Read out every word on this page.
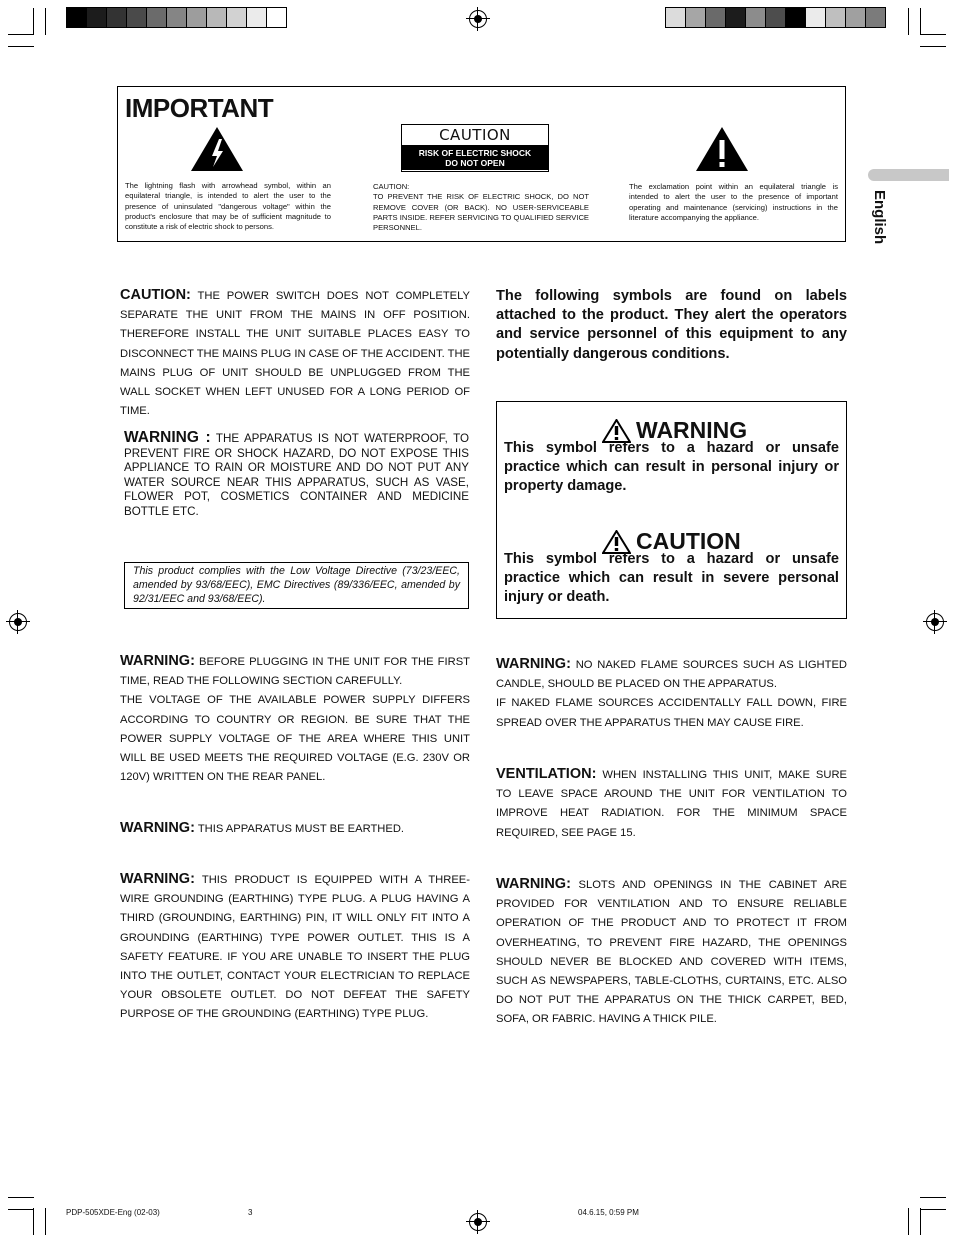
IMPORTANT
The lightning flash with arrowhead symbol, within an equilateral triangle, is intended to alert the user to the presence of uninsulated "dangerous voltage" within the product's enclosure that may be of sufficient magnitude to constitute a risk of electric shock to persons.
CAUTION
RISK OF ELECTRIC SHOCK
DO NOT OPEN
CAUTION:
TO PREVENT THE RISK OF ELECTRIC SHOCK, DO NOT REMOVE COVER (OR BACK). NO USER-SERVICEABLE PARTS INSIDE. REFER SERVICING TO QUALIFIED SERVICE PERSONNEL.
The exclamation point within an equilateral triangle is intended to alert the user to the presence of important operating and maintenance (servicing) instructions in the literature accompanying the appliance.	English

CAUTION: THE POWER SWITCH DOES NOT COMPLETELY SEPARATE THE UNIT FROM THE MAINS IN OFF POSITION. THEREFORE INSTALL THE UNIT SUITABLE PLACES EASY TO DISCONNECT THE MAINS PLUG IN CASE OF THE ACCIDENT. THE MAINS PLUG OF UNIT SHOULD BE UNPLUGGED FROM THE WALL SOCKET WHEN LEFT UNUSED FOR A LONG PERIOD OF TIME.

WARNING : THE APPARATUS IS NOT WATERPROOF, TO PREVENT FIRE OR SHOCK HAZARD, DO NOT EXPOSE THIS APPLIANCE TO RAIN OR MOISTURE AND DO NOT PUT ANY WATER SOURCE NEAR THIS APPARATUS, SUCH AS VASE, FLOWER POT, COSMETICS CONTAINER AND MEDICINE BOTTLE ETC.

This product complies with the Low Voltage Directive (73/23/EEC, amended by 93/68/EEC), EMC Directives (89/336/EEC, amended by 92/31/EEC and 93/68/EEC).

WARNING: BEFORE PLUGGING IN THE UNIT FOR THE FIRST TIME, READ THE FOLLOWING SECTION CAREFULLY.

THE VOLTAGE OF THE AVAILABLE POWER SUPPLY DIFFERS ACCORDING TO COUNTRY OR REGION. BE SURE THAT THE POWER SUPPLY VOLTAGE OF THE AREA WHERE THIS UNIT WILL BE USED MEETS THE REQUIRED VOLTAGE (E.G. 230V OR 120V) WRITTEN ON THE REAR PANEL.

WARNING: THIS APPARATUS MUST BE EARTHED.

WARNING: THIS PRODUCT IS EQUIPPED WITH A THREE-WIRE GROUNDING (EARTHING) TYPE PLUG. A PLUG HAVING A THIRD (GROUNDING, EARTHING) PIN, IT WILL ONLY FIT INTO A GROUNDING (EARTHING) TYPE POWER OUTLET. THIS IS A SAFETY FEATURE. IF YOU ARE UNABLE TO INSERT THE PLUG INTO THE OUTLET, CONTACT YOUR ELECTRICIAN TO REPLACE YOUR OBSOLETE OUTLET. DO NOT DEFEAT THE SAFETY PURPOSE OF THE GROUNDING (EARTHING) TYPE PLUG.

The following symbols are found on labels attached to the product. They alert the operators and service personnel of this equipment to any potentially dangerous conditions.

WARNING

This symbol refers to a hazard or unsafe practice which can result in personal injury or property damage.

CAUTION

This symbol refers to a hazard or unsafe practice which can result in severe personal injury or death.

WARNING: NO NAKED FLAME SOURCES SUCH AS LIGHTED CANDLE, SHOULD BE PLACED ON THE APPARATUS.

IF NAKED FLAME SOURCES ACCIDENTALLY FALL DOWN, FIRE SPREAD OVER THE APPARATUS THEN MAY CAUSE FIRE.

VENTILATION: WHEN INSTALLING THIS UNIT, MAKE SURE TO LEAVE SPACE AROUND THE UNIT FOR VENTILATION TO IMPROVE HEAT RADIATION. FOR THE MINIMUM SPACE REQUIRED, SEE PAGE 15.

WARNING: SLOTS AND OPENINGS IN THE CABINET ARE PROVIDED FOR VENTILATION AND TO ENSURE RELIABLE OPERATION OF THE PRODUCT AND TO PROTECT IT FROM OVERHEATING, TO PREVENT FIRE HAZARD, THE OPENINGS SHOULD NEVER BE BLOCKED AND COVERED WITH ITEMS, SUCH AS NEWSPAPERS, TABLE-CLOTHS, CURTAINS, ETC. ALSO DO NOT PUT THE APPARATUS ON THE THICK CARPET, BED, SOFA, OR FABRIC. HAVING A THICK PILE.

PDP-505XDE-Eng (02-03)	3	04.6.15, 0:59 PM
